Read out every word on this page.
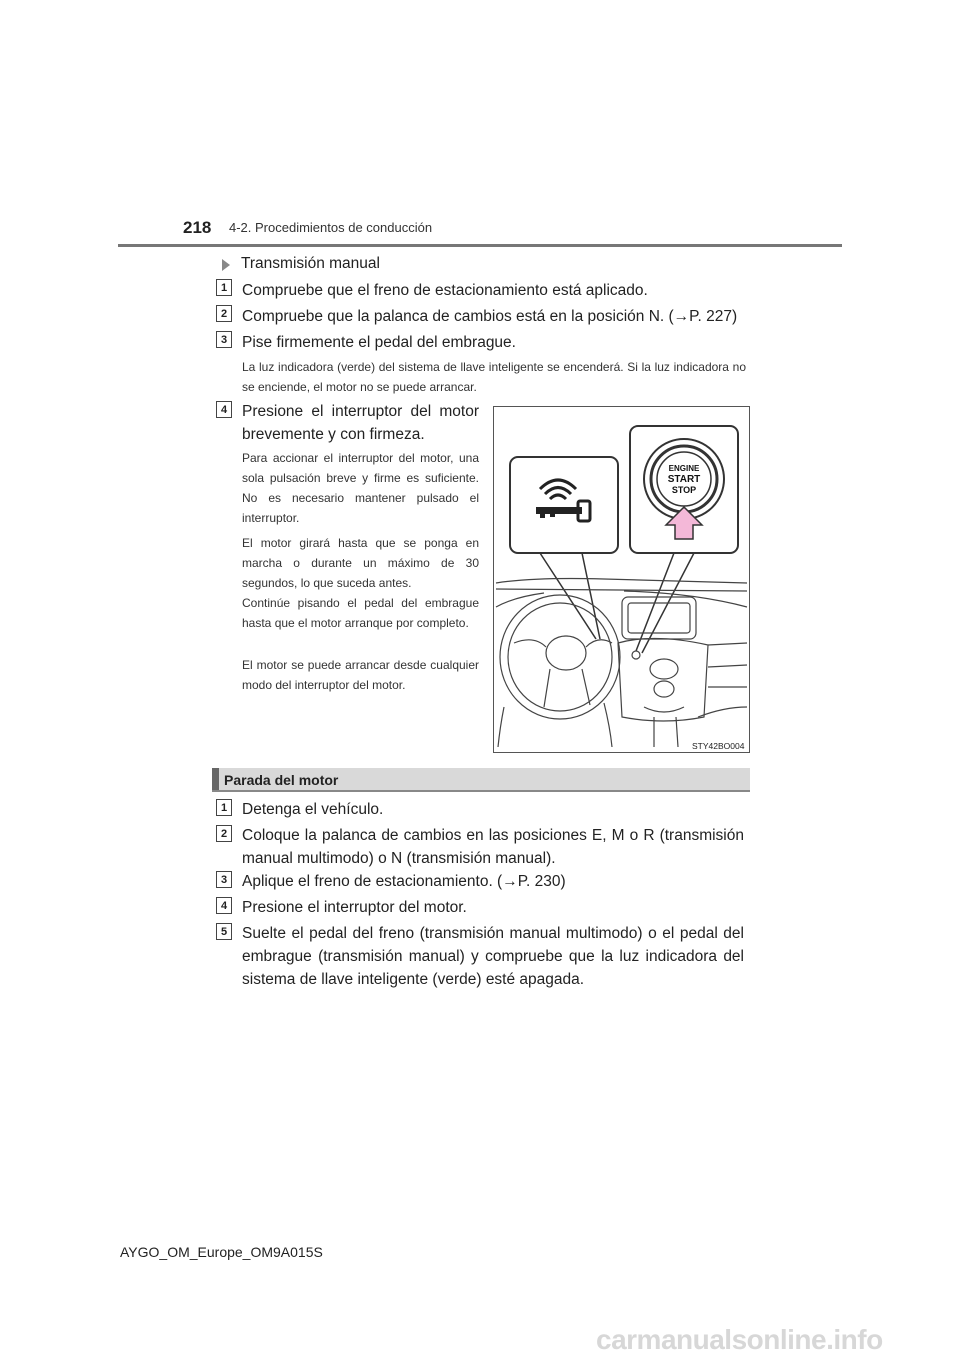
218 4-2. Procedimientos de conducción
Transmisión manual
1 Compruebe que el freno de estacionamiento está aplicado.
2 Compruebe que la palanca de cambios está en la posición N. (→P. 227)
3 Pise firmemente el pedal del embrague.
La luz indicadora (verde) del sistema de llave inteligente se encenderá. Si la luz indicadora no se enciende, el motor no se puede arrancar.
4 Presione el interruptor del motor brevemente y con firmeza.
Para accionar el interruptor del motor, una sola pulsación breve y firme es suficiente. No es necesario mantener pulsado el interruptor.
El motor girará hasta que se ponga en marcha o durante un máximo de 30 segundos, lo que suceda antes.
Continúe pisando el pedal del embrague hasta que el motor arranque por completo.
El motor se puede arrancar desde cualquier modo del interruptor del motor.
ENGINE
START
STOP
STY42BO004
Parada del motor
1 Detenga el vehículo.
2 Coloque la palanca de cambios en las posiciones E, M o R (transmisión manual multimodo) o N (transmisión manual).
3 Aplique el freno de estacionamiento. (→P. 230)
4 Presione el interruptor del motor.
5 Suelte el pedal del freno (transmisión manual multimodo) o el pedal del embrague (transmisión manual) y compruebe que la luz indicadora del sistema de llave inteligente (verde) esté apagada.
AYGO_OM_Europe_OM9A015S
carmanualsonline.info
